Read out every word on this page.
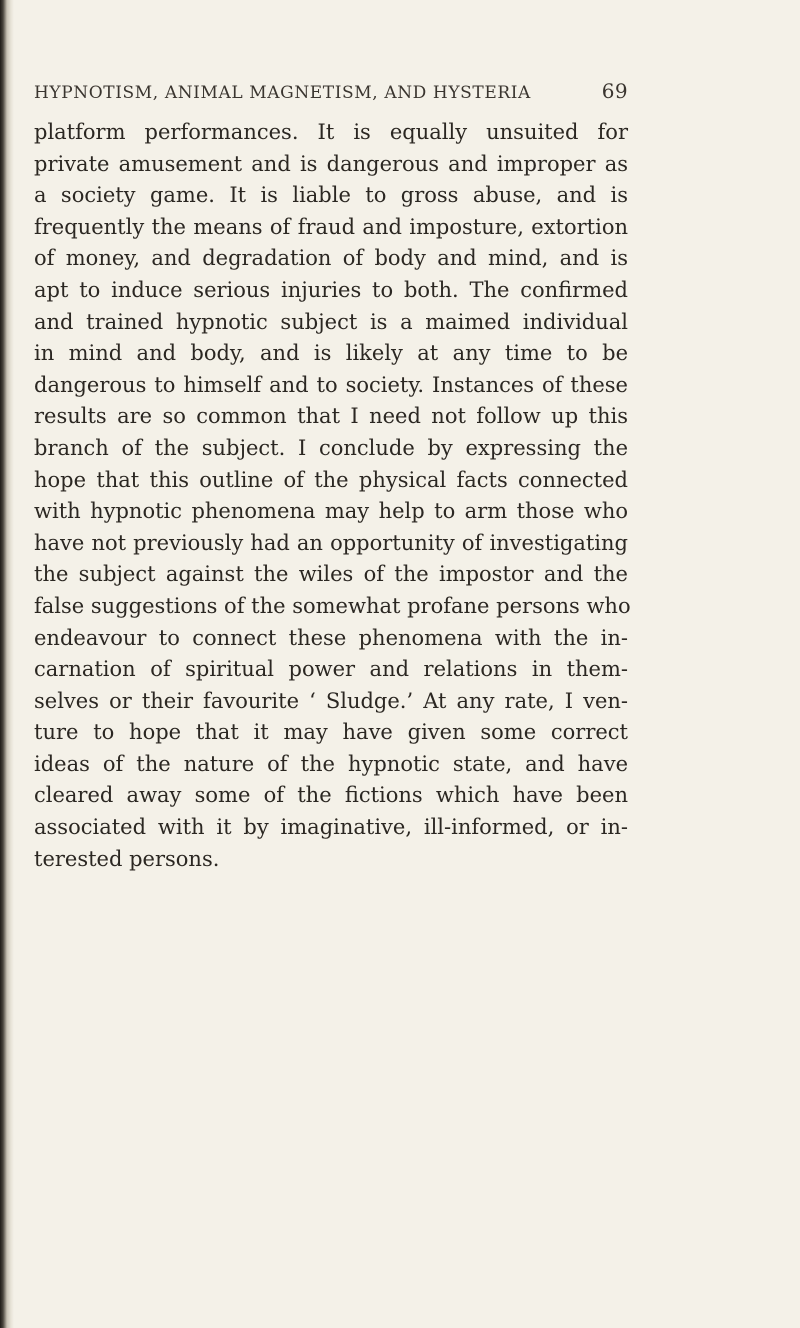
HYPNOTISM, ANIMAL MAGNETISM, AND HYSTERIA	69

platform performances. It is equally unsuited for
private amusement and is dangerous and improper as
a society game. It is liable to gross abuse, and is
frequently the means of fraud and imposture, extortion
of money, and degradation of body and mind, and is
apt to induce serious injuries to both. The confirmed
and trained hypnotic subject is a maimed individual
in mind and body, and is likely at any time to be
dangerous to himself and to society. Instances of these
results are so common that I need not follow up this
branch of the subject. I conclude by expressing the
hope that this outline of the physical facts connected
with hypnotic phenomena may help to arm those who
have not previously had an opportunity of investigating
the subject against the wiles of the impostor and the
false suggestions of the somewhat profane persons who
endeavour to connect these phenomena with the in-
carnation of spiritual power and relations in them-
selves or their favourite ‘ Sludge.’ At any rate, I ven-
ture to hope that it may have given some correct
ideas of the nature of the hypnotic state, and have
cleared away some of the fictions which have been
associated with it by imaginative, ill-informed, or in-
terested persons.
